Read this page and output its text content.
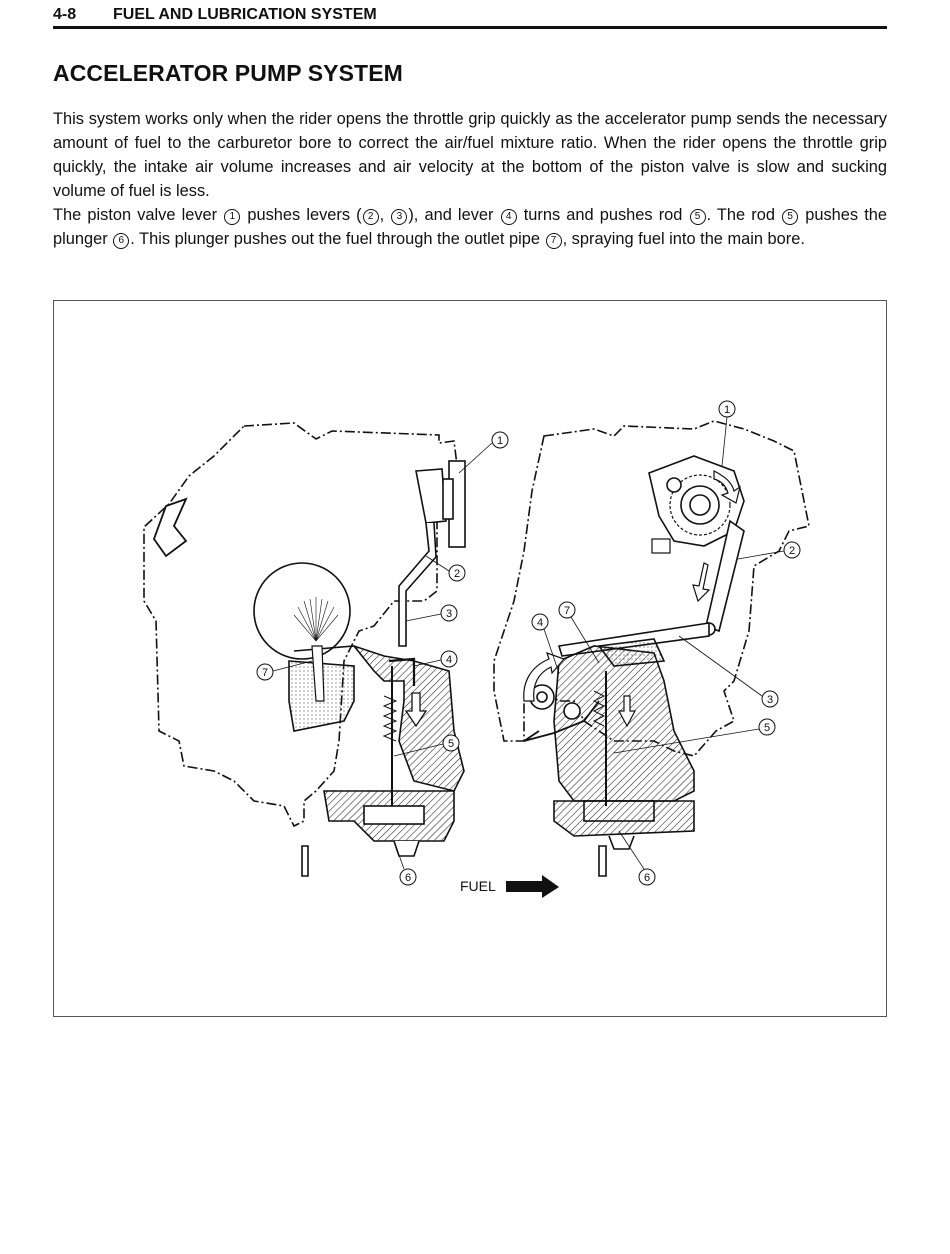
4-8	FUEL AND LUBRICATION SYSTEM
ACCELERATOR PUMP SYSTEM

This system works only when the rider opens the throttle grip quickly as the accelerator pump sends the necessary amount of fuel to the carburetor bore to correct the air/fuel mixture ratio. When the rider opens the throttle grip quickly, the intake air volume increases and air velocity at the bottom of the piston valve is slow and sucking volume of fuel is less.

The piston valve lever 1 pushes levers ( 2 , 3 ), and lever 4 turns and pushes rod 5 . The rod 5 pushes the plunger 6 . This plunger pushes out the fuel through the outlet pipe 7 , spraying fuel into the main bore.

1
2
3
4
5
6
7
1
2
3
4
5
6
7
FUEL
